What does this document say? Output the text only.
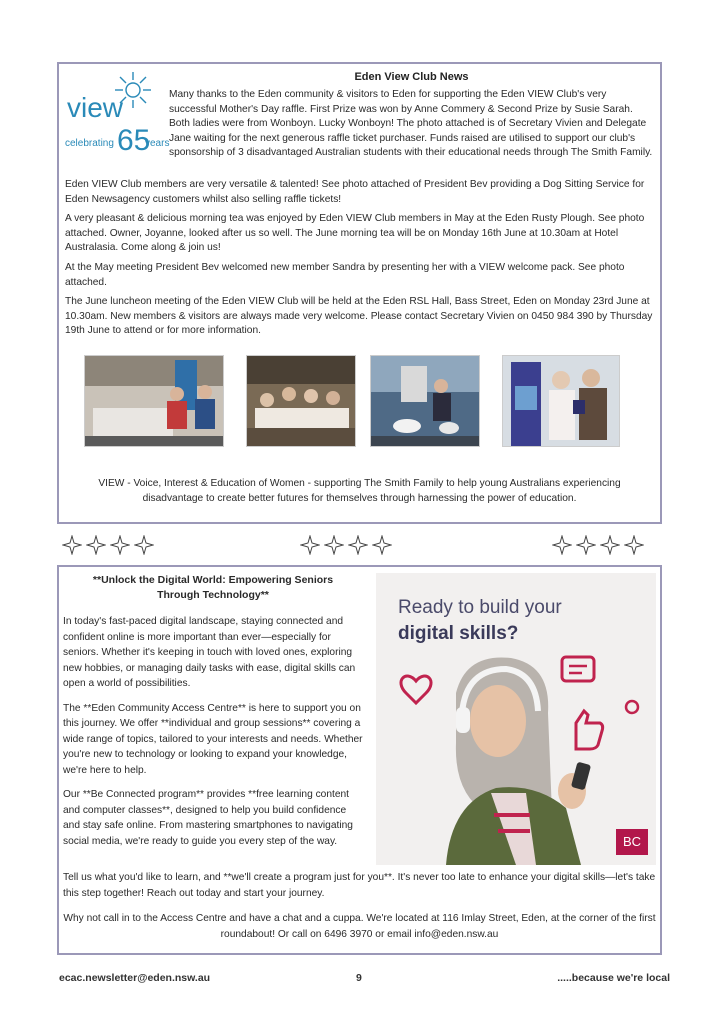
view
celebrating 65
years
Eden View Club News
Many thanks to the Eden community & visitors to Eden for supporting the Eden VIEW Club's very successful Mother's Day raffle. First Prize was won by Anne Commery & Second Prize by Susie Sarah. Both ladies were from Wonboyn. Lucky Wonboyn! The photo attached is of Secretary Vivien and Delegate Jane waiting for the next generous raffle ticket purchaser. Funds raised are utilised to support our club's sponsorship of 3 disadvantaged Australian students with their educational needs through The Smith Family.

Eden VIEW Club members are very versatile & talented! See photo attached of President Bev providing a Dog Sitting Service for Eden Newsagency customers whilst also selling raffle tickets!

A very pleasant & delicious morning tea was enjoyed by Eden VIEW Club members in May at the Eden Rusty Plough. See photo attached. Owner, Joyanne, looked after us so well. The June morning tea will be on Monday 16th June at 10.30am at Hotel Australasia. Come along & join us!

At the May meeting President Bev welcomed new member Sandra by presenting her with a VIEW welcome pack. See photo attached.

The June luncheon meeting of the Eden VIEW Club will be held at the Eden RSL Hall, Bass Street, Eden on Monday 23rd June at 10.30am. New members & visitors are always made very welcome. Please contact Secretary Vivien on 0450 984 390 by Thursday 19th June to attend or for more information.

VIEW - Voice, Interest & Education of Women - supporting The Smith Family to help young Australians experiencing disadvantage to create better futures for themselves through harnessing the power of education.
**Unlock the Digital World: Empowering Seniors Through Technology**

In today's fast-paced digital landscape, staying connected and confident online is more important than ever—especially for seniors. Whether it's keeping in touch with loved ones, exploring new hobbies, or managing daily tasks with ease, digital skills can open a world of possibilities.

The **Eden Community Access Centre** is here to support you on this journey. We offer **individual and group sessions** covering a wide range of topics, tailored to your interests and needs. Whether you're new to technology or looking to expand your knowledge, we're here to help.

Our **Be Connected program** provides **free learning content and computer classes**, designed to help you build confidence and stay safe online. From mastering smartphones to navigating social media, we're ready to guide you every step of the way.

Ready to build your
digital skills?
BC

Tell us what you'd like to learn, and **we'll create a program just for you**. It's never too late to enhance your digital skills—let's take this step together! Reach out today and start your journey.

Why not call in to the Access Centre and have a chat and a cuppa. We're located at 116 Imlay Street, Eden, at the corner of the first roundabout! Or call on 6496 3970 or email info@eden.nsw.au

ecac.newsletter@eden.nsw.au	9	.....because we're local
